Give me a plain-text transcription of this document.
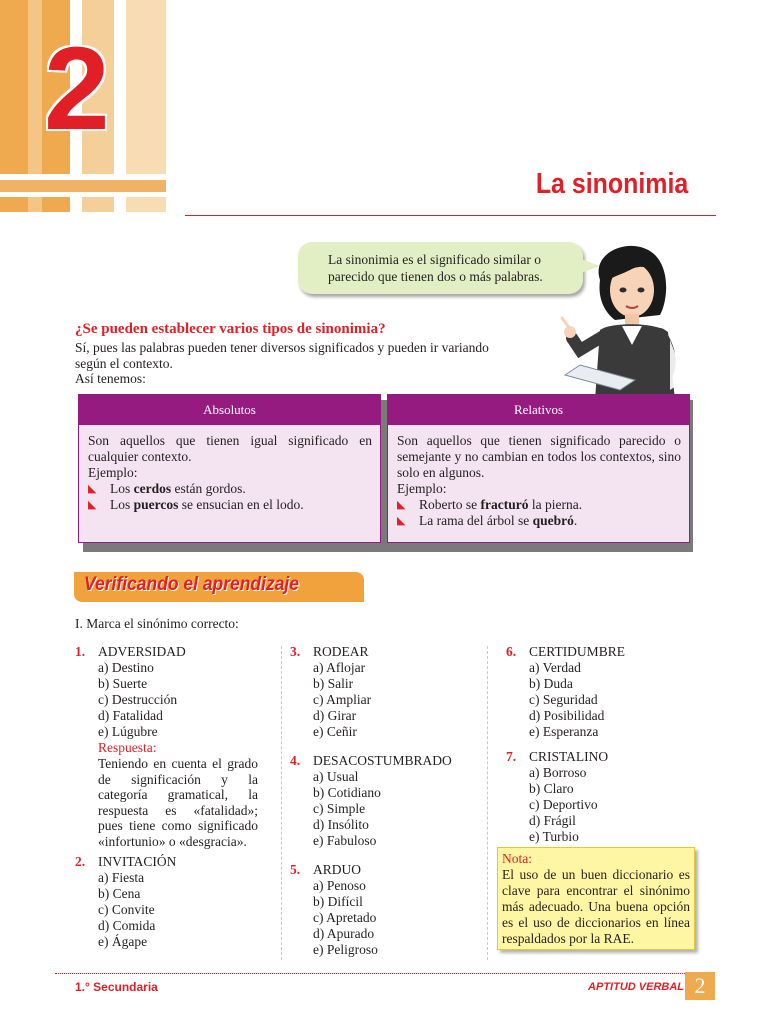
2
La sinonimia
La sinonimia es el significado similar o parecido que tienen dos o más palabras.
¿Se pueden establecer varios tipos de sinonimia?
Sí, pues las palabras pueden tener diversos significados y pueden ir variando según el contexto.
Así tenemos:
Absolutos
Son aquellos que tienen igual significado en cualquier contexto.
Ejemplo:
◣	Los cerdos están gordos.
◣	Los puercos se ensucian en el lodo.
Relativos
Son aquellos que tienen significado parecido o semejante y no cambian en todos los contextos, sino solo en algunos.
Ejemplo:
◣	Roberto se fracturó la pierna.
◣	La rama del árbol se quebró.
Verificando el aprendizaje
I. Marca el sinónimo correcto:
1. ADVERSIDAD
a) Destino
b) Suerte
c) Destrucción
d) Fatalidad
e) Lúgubre
Respuesta:
Teniendo en cuenta el grado de significación y la categoría gramatical, la respuesta es «fatalidad»; pues tiene como significado «infortunio» o «desgracia».
2. INVITACIÓN
a) Fiesta
b) Cena
c) Convite
d) Comida
e) Ágape
3. RODEAR
a) Aflojar
b) Salir
c) Ampliar
d) Girar
e) Ceñir
4. DESACOSTUMBRADO
a) Usual
b) Cotidiano
c) Simple
d) Insólito
e) Fabuloso
5. ARDUO
a) Penoso
b) Difícil
c) Apretado
d) Apurado
e) Peligroso
6. CERTIDUMBRE
a) Verdad
b) Duda
c) Seguridad
d) Posibilidad
e) Esperanza
7. CRISTALINO
a) Borroso
b) Claro
c) Deportivo
d) Frágil
e) Turbio
Nota:
El uso de un buen diccionario es clave para encontrar el sinónimo más adecuado. Una buena opción es el uso de diccionarios en línea respaldados por la RAE.
1.° Secundaria	APTITUD VERBAL 2
